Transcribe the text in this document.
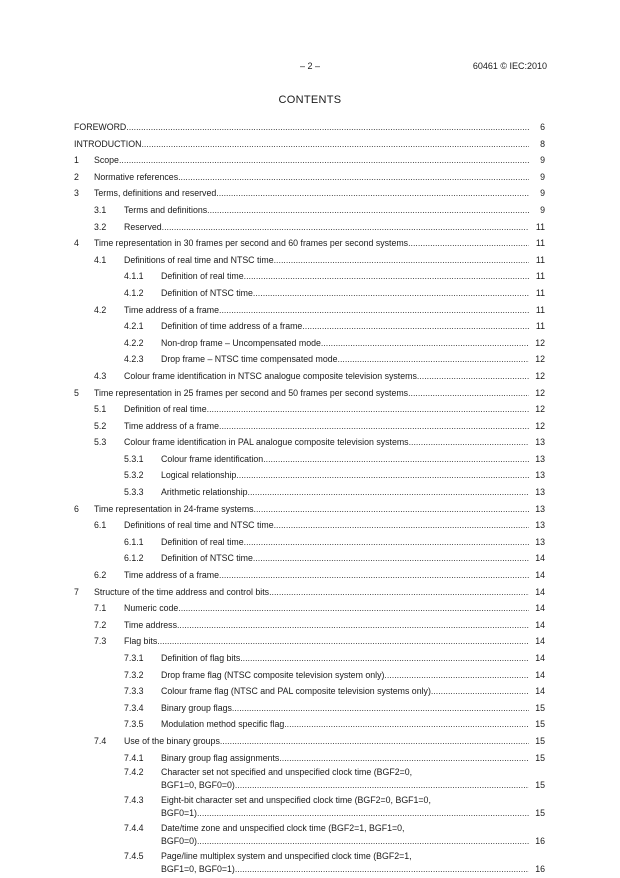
– 2 –	60461 © IEC:2010
CONTENTS
FOREWORD .....	6
INTRODUCTION .....	8
1	Scope .....	9
2	Normative references .....	9
3	Terms, definitions and reserved .....	9
3.1	Terms and definitions .....	9
3.2	Reserved .....	11
4	Time representation in 30 frames per second and 60 frames per second systems .....	11
4.1	Definitions of real time and NTSC time .....	11
4.1.1	Definition of real time .....	11
4.1.2	Definition of NTSC time .....	11
4.2	Time address of a frame .....	11
4.2.1	Definition of time address of a frame .....	11
4.2.2	Non-drop frame – Uncompensated mode .....	12
4.2.3	Drop frame – NTSC time compensated mode .....	12
4.3	Colour frame identification in NTSC analogue composite television systems .....	12
5	Time representation in 25 frames per second and 50 frames per second systems .....	12
5.1	Definition of real time .....	12
5.2	Time address of a frame .....	12
5.3	Colour frame identification in PAL analogue composite television systems .....	13
5.3.1	Colour frame identification .....	13
5.3.2	Logical relationship .....	13
5.3.3	Arithmetic relationship .....	13
6	Time representation in 24-frame systems .....	13
6.1	Definitions of real time and NTSC time .....	13
6.1.1	Definition of real time .....	13
6.1.2	Definition of NTSC time .....	14
6.2	Time address of a frame .....	14
7	Structure of the time address and control bits .....	14
7.1	Numeric code .....	14
7.2	Time address .....	14
7.3	Flag bits .....	14
7.3.1	Definition of flag bits .....	14
7.3.2	Drop frame flag (NTSC composite television system only) .....	14
7.3.3	Colour frame flag (NTSC and PAL composite television systems only) .....	14
7.3.4	Binary group flags .....	15
7.3.5	Modulation method specific flag .....	15
7.4	Use of the binary groups .....	15
7.4.1	Binary group flag assignments .....	15
7.4.2	Character set not specified and unspecified clock time (BGF2=0,
BGF1=0, BGF0=0) .....	15
7.4.3	Eight-bit character set and unspecified clock time (BGF2=0, BGF1=0,
BGF0=1) .....	15
7.4.4	Date/time zone and unspecified clock time (BGF2=1, BGF1=0,
BGF0=0) .....	16
7.4.5	Page/line multiplex system and unspecified clock time (BGF2=1,
BGF1=0, BGF0=1) .....	16
